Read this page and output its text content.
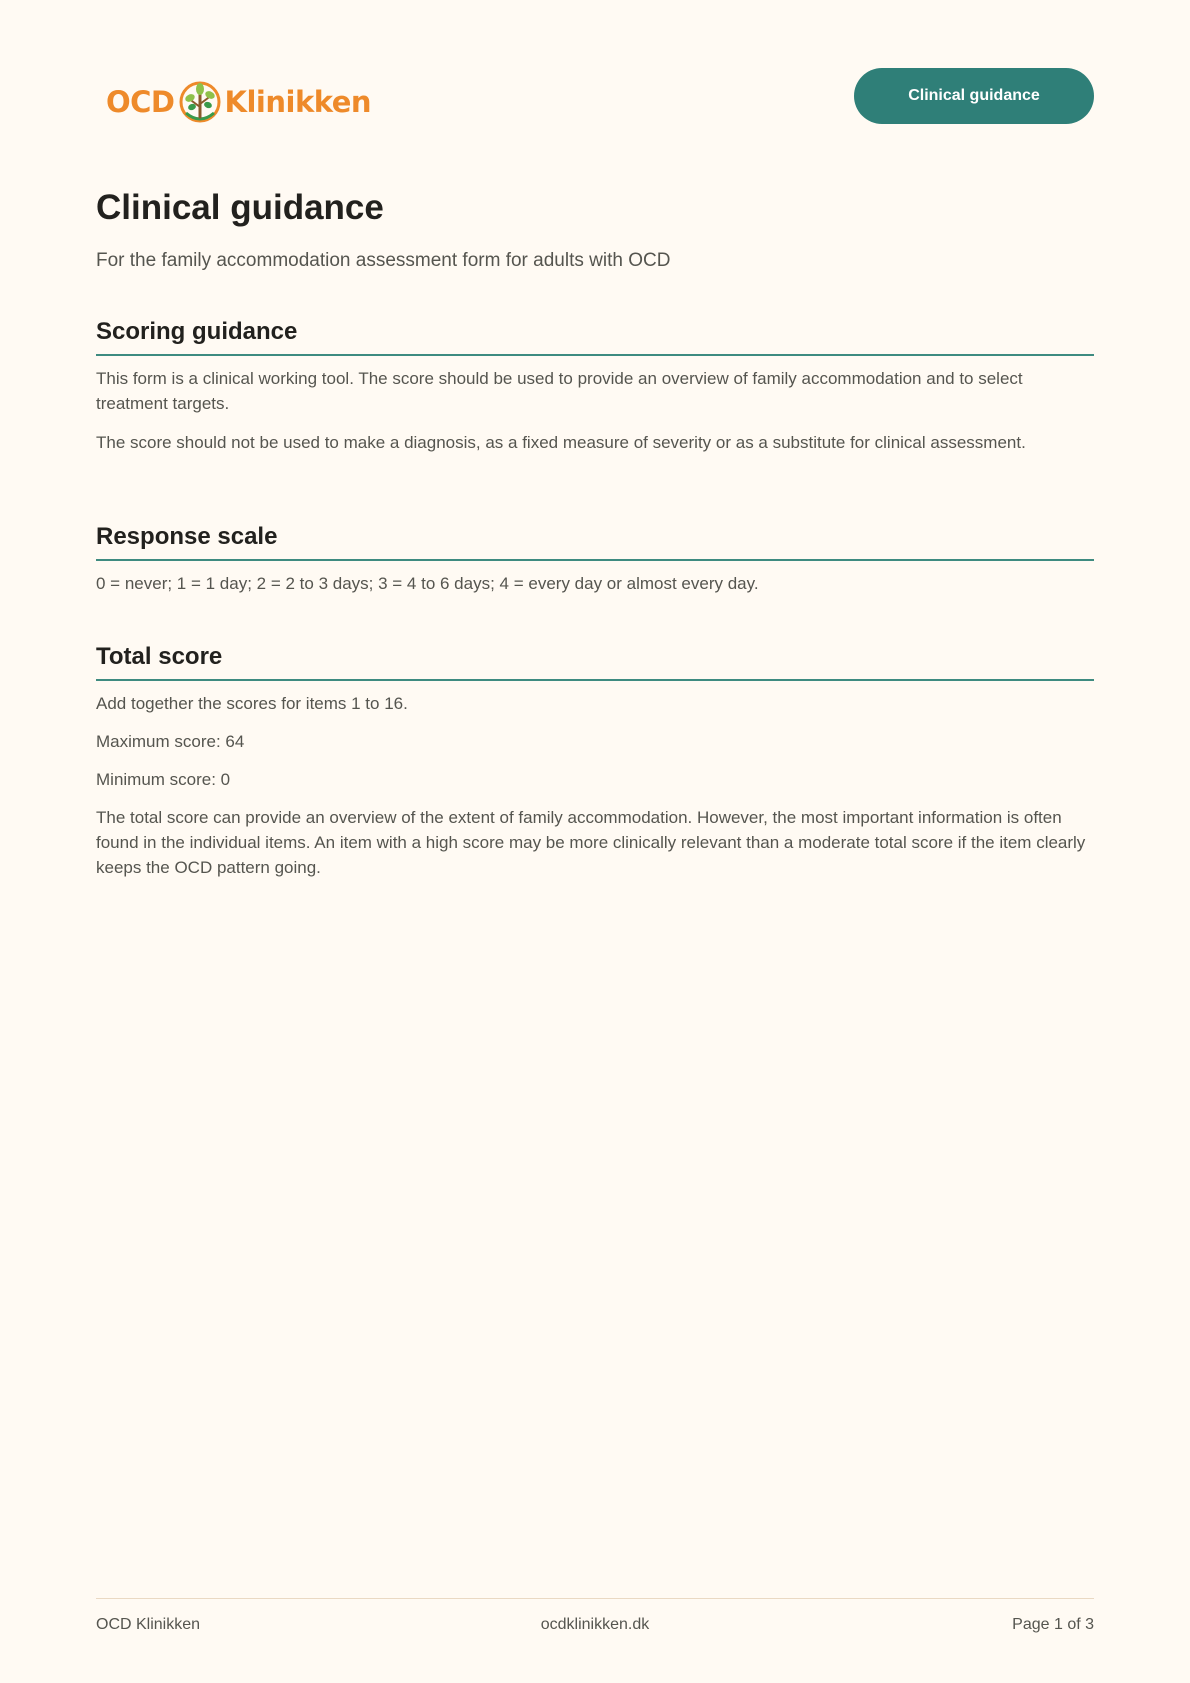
OCD Klinikken	Clinical guidance
Clinical guidance

For the family accommodation assessment form for adults with OCD

Scoring guidance

This form is a clinical working tool. The score should be used to provide an overview of family accommodation and to select treatment targets.

The score should not be used to make a diagnosis, as a fixed measure of severity or as a substitute for clinical assessment.

Response scale

0 = never; 1 = 1 day; 2 = 2 to 3 days; 3 = 4 to 6 days; 4 = every day or almost every day.

Total score

Add together the scores for items 1 to 16.

Maximum score: 64

Minimum score: 0

The total score can provide an overview of the extent of family accommodation. However, the most important information is often found in the individual items. An item with a high score may be more clinically relevant than a moderate total score if the item clearly keeps the OCD pattern going.

OCD Klinikken	ocdklinikken.dk	Page 1 of 3
